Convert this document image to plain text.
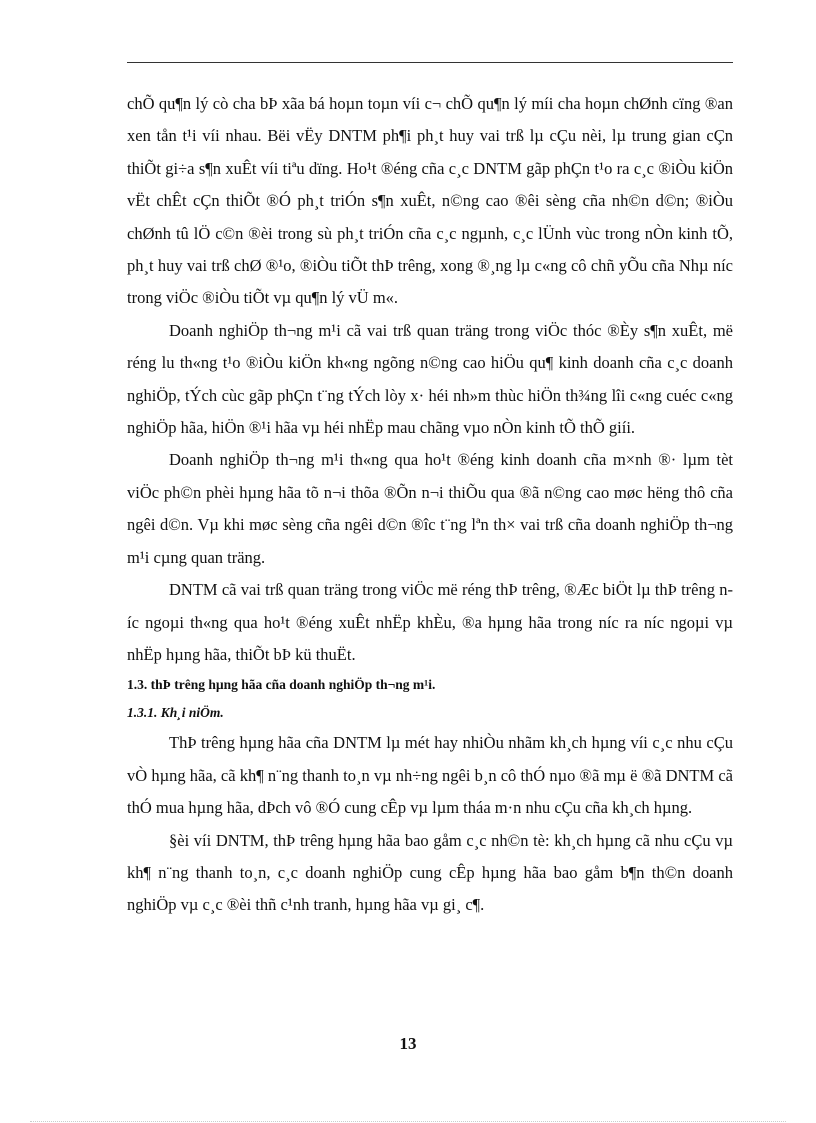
chÕ qu¶n lý cò cha bÞ xãa bá hoµn toµn víi c¬ chÕ qu¶n lý míi cha hoµn chØnh cïng ®an xen tån t¹i víi nhau. Bëi vËy DNTM ph¶i ph¸t huy vai trß lµ cÇu nèi, lµ trung gian cÇn thiÕt gi÷a s¶n xuÊt víi tiªu dïng. Ho¹t ®éng cña c¸c DNTM gãp phÇn t¹o ra c¸c ®iÒu kiÖn vËt chÊt cÇn thiÕt ®Ó ph¸t triÓn s¶n xuÊt, n©ng cao ®êi sèng cña nh©n d©n; ®iÒu chØnh tû lÖ c©n ®èi trong sù ph¸t triÓn cña c¸c ngµnh, c¸c lÜnh vùc trong nÒn kinh tÕ, ph¸t huy vai trß chØ ®¹o, ®iÒu tiÕt thÞ trêng, xong ®¸ng lµ c«ng cô chñ yÕu cña Nhµ níc trong viÖc ®iÒu tiÕt vµ qu¶n lý vÜ m«.

Doanh nghiÖp th¬ng m¹i cã vai trß quan träng trong viÖc thóc ®Èy s¶n xuÊt, më réng lu th«ng t¹o ®iÒu kiÖn kh«ng ngõng n©ng cao hiÖu qu¶ kinh doanh cña c¸c doanh nghiÖp, tÝch cùc gãp phÇn t¨ng tÝch lòy x· héi nh»m thùc hiÖn th¾ng lîi c«ng cuéc c«ng nghiÖp hãa, hiÖn ®¹i hãa vµ héi nhËp mau chãng vµo nÒn kinh tÕ thÕ giíi.

Doanh nghiÖp th¬ng m¹i th«ng qua ho¹t ®éng kinh doanh cña m×nh ®· lµm tèt viÖc ph©n phèi hµng hãa tõ n¬i thõa ®Õn n¬i thiÕu qua ®ã n©ng cao møc hëng thô cña ngêi d©n. Vµ khi møc sèng cña ngêi d©n ®îc t¨ng lªn th× vai trß cña doanh nghiÖp th¬ng m¹i cµng quan träng.

DNTM cã vai trß quan träng trong viÖc më réng thÞ trêng, ®Æc biÖt lµ thÞ trêng níc ngoµi th«ng qua ho¹t ®éng xuÊt nhËp khÈu, ®a hµng hãa trong níc ra níc ngoµi vµ nhËp hµng hãa, thiÕt bÞ kü thuËt.

1.3. thÞ trêng hµng hãa cña doanh nghiÖp th¬ng m¹i.

1.3.1. Kh¸i niÖm.

ThÞ trêng hµng hãa cña DNTM lµ mét hay nhiÒu nhãm kh¸ch hµng víi c¸c nhu cÇu vÒ hµng hãa, cã kh¶ n¨ng thanh to¸n vµ nh÷ng ngêi b¸n cô thÓ nµo ®ã mµ ë ®ã DNTM cã thÓ mua hµng hãa, dÞch vô ®Ó cung cÊp vµ lµm tháa m·n nhu cÇu cña kh¸ch hµng.

§èi víi DNTM, thÞ trêng hµng hãa bao gåm c¸c nh©n tè: kh¸ch hµng cã nhu cÇu vµ kh¶ n¨ng thanh to¸n, c¸c doanh nghiÖp cung cÊp hµng hãa bao gåm b¶n th©n doanh nghiÖp vµ c¸c ®èi thñ c¹nh tranh, hµng hãa vµ gi¸ c¶.

13
